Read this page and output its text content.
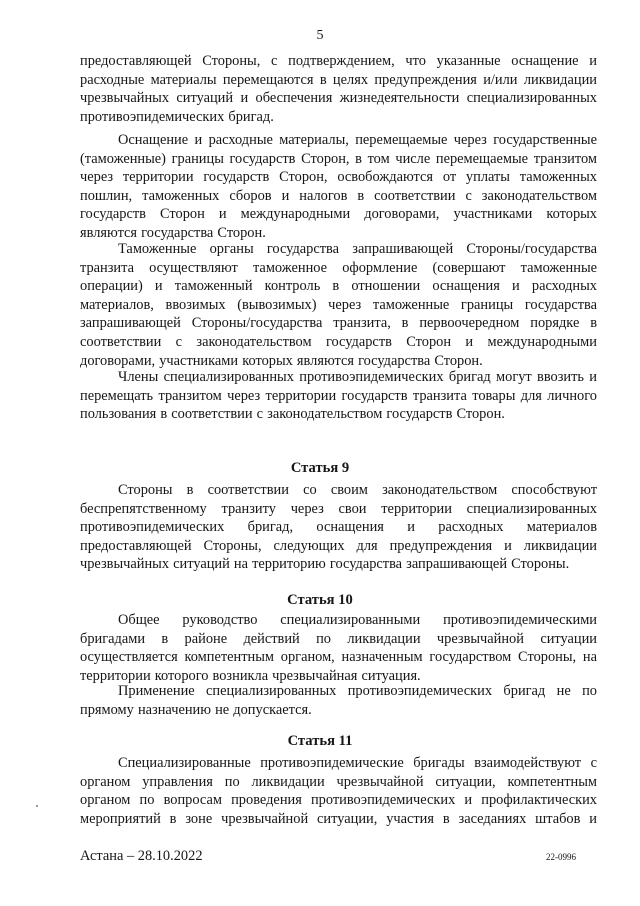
5
предоставляющей Стороны, с подтверждением, что указанные оснащение и расходные материалы перемещаются в целях предупреждения и/или ликвидации чрезвычайных ситуаций и обеспечения жизнедеятельности специализированных противоэпидемических бригад.
Оснащение и расходные материалы, перемещаемые через государственные (таможенные) границы государств Сторон, в том числе перемещаемые транзитом через территории государств Сторон, освобождаются от уплаты таможенных пошлин, таможенных сборов и налогов в соответствии с законодательством государств Сторон и международными договорами, участниками которых являются государства Сторон.
Таможенные органы государства запрашивающей Стороны/государства транзита осуществляют таможенное оформление (совершают таможенные операции) и таможенный контроль в отношении оснащения и расходных материалов, ввозимых (вывозимых) через таможенные границы государства запрашивающей Стороны/государства транзита, в первоочередном порядке в соответствии с законодательством государств Сторон и международными договорами, участниками которых являются государства Сторон.
Члены специализированных противоэпидемических бригад могут ввозить и перемещать транзитом через территории государств транзита товары для личного пользования в соответствии с законодательством государств Сторон.
Статья 9
Стороны в соответствии со своим законодательством способствуют беспрепятственному транзиту через свои территории специализированных противоэпидемических бригад, оснащения и расходных материалов предоставляющей Стороны, следующих для предупреждения и ликвидации чрезвычайных ситуаций на территорию государства запрашивающей Стороны.
Статья 10
Общее руководство специализированными противоэпидемическими бригадами в районе действий по ликвидации чрезвычайной ситуации осуществляется компетентным органом, назначенным государством Стороны, на территории которого возникла чрезвычайная ситуация.
Применение специализированных противоэпидемических бригад не по прямому назначению не допускается.
Статья 11
Специализированные противоэпидемические бригады взаимодействуют с органом управления по ликвидации чрезвычайной ситуации, компетентным органом по вопросам проведения противоэпидемических и профилактических мероприятий в зоне чрезвычайной ситуации, участия в заседаниях штабов и
Астана – 28.10.2022	22-0996
